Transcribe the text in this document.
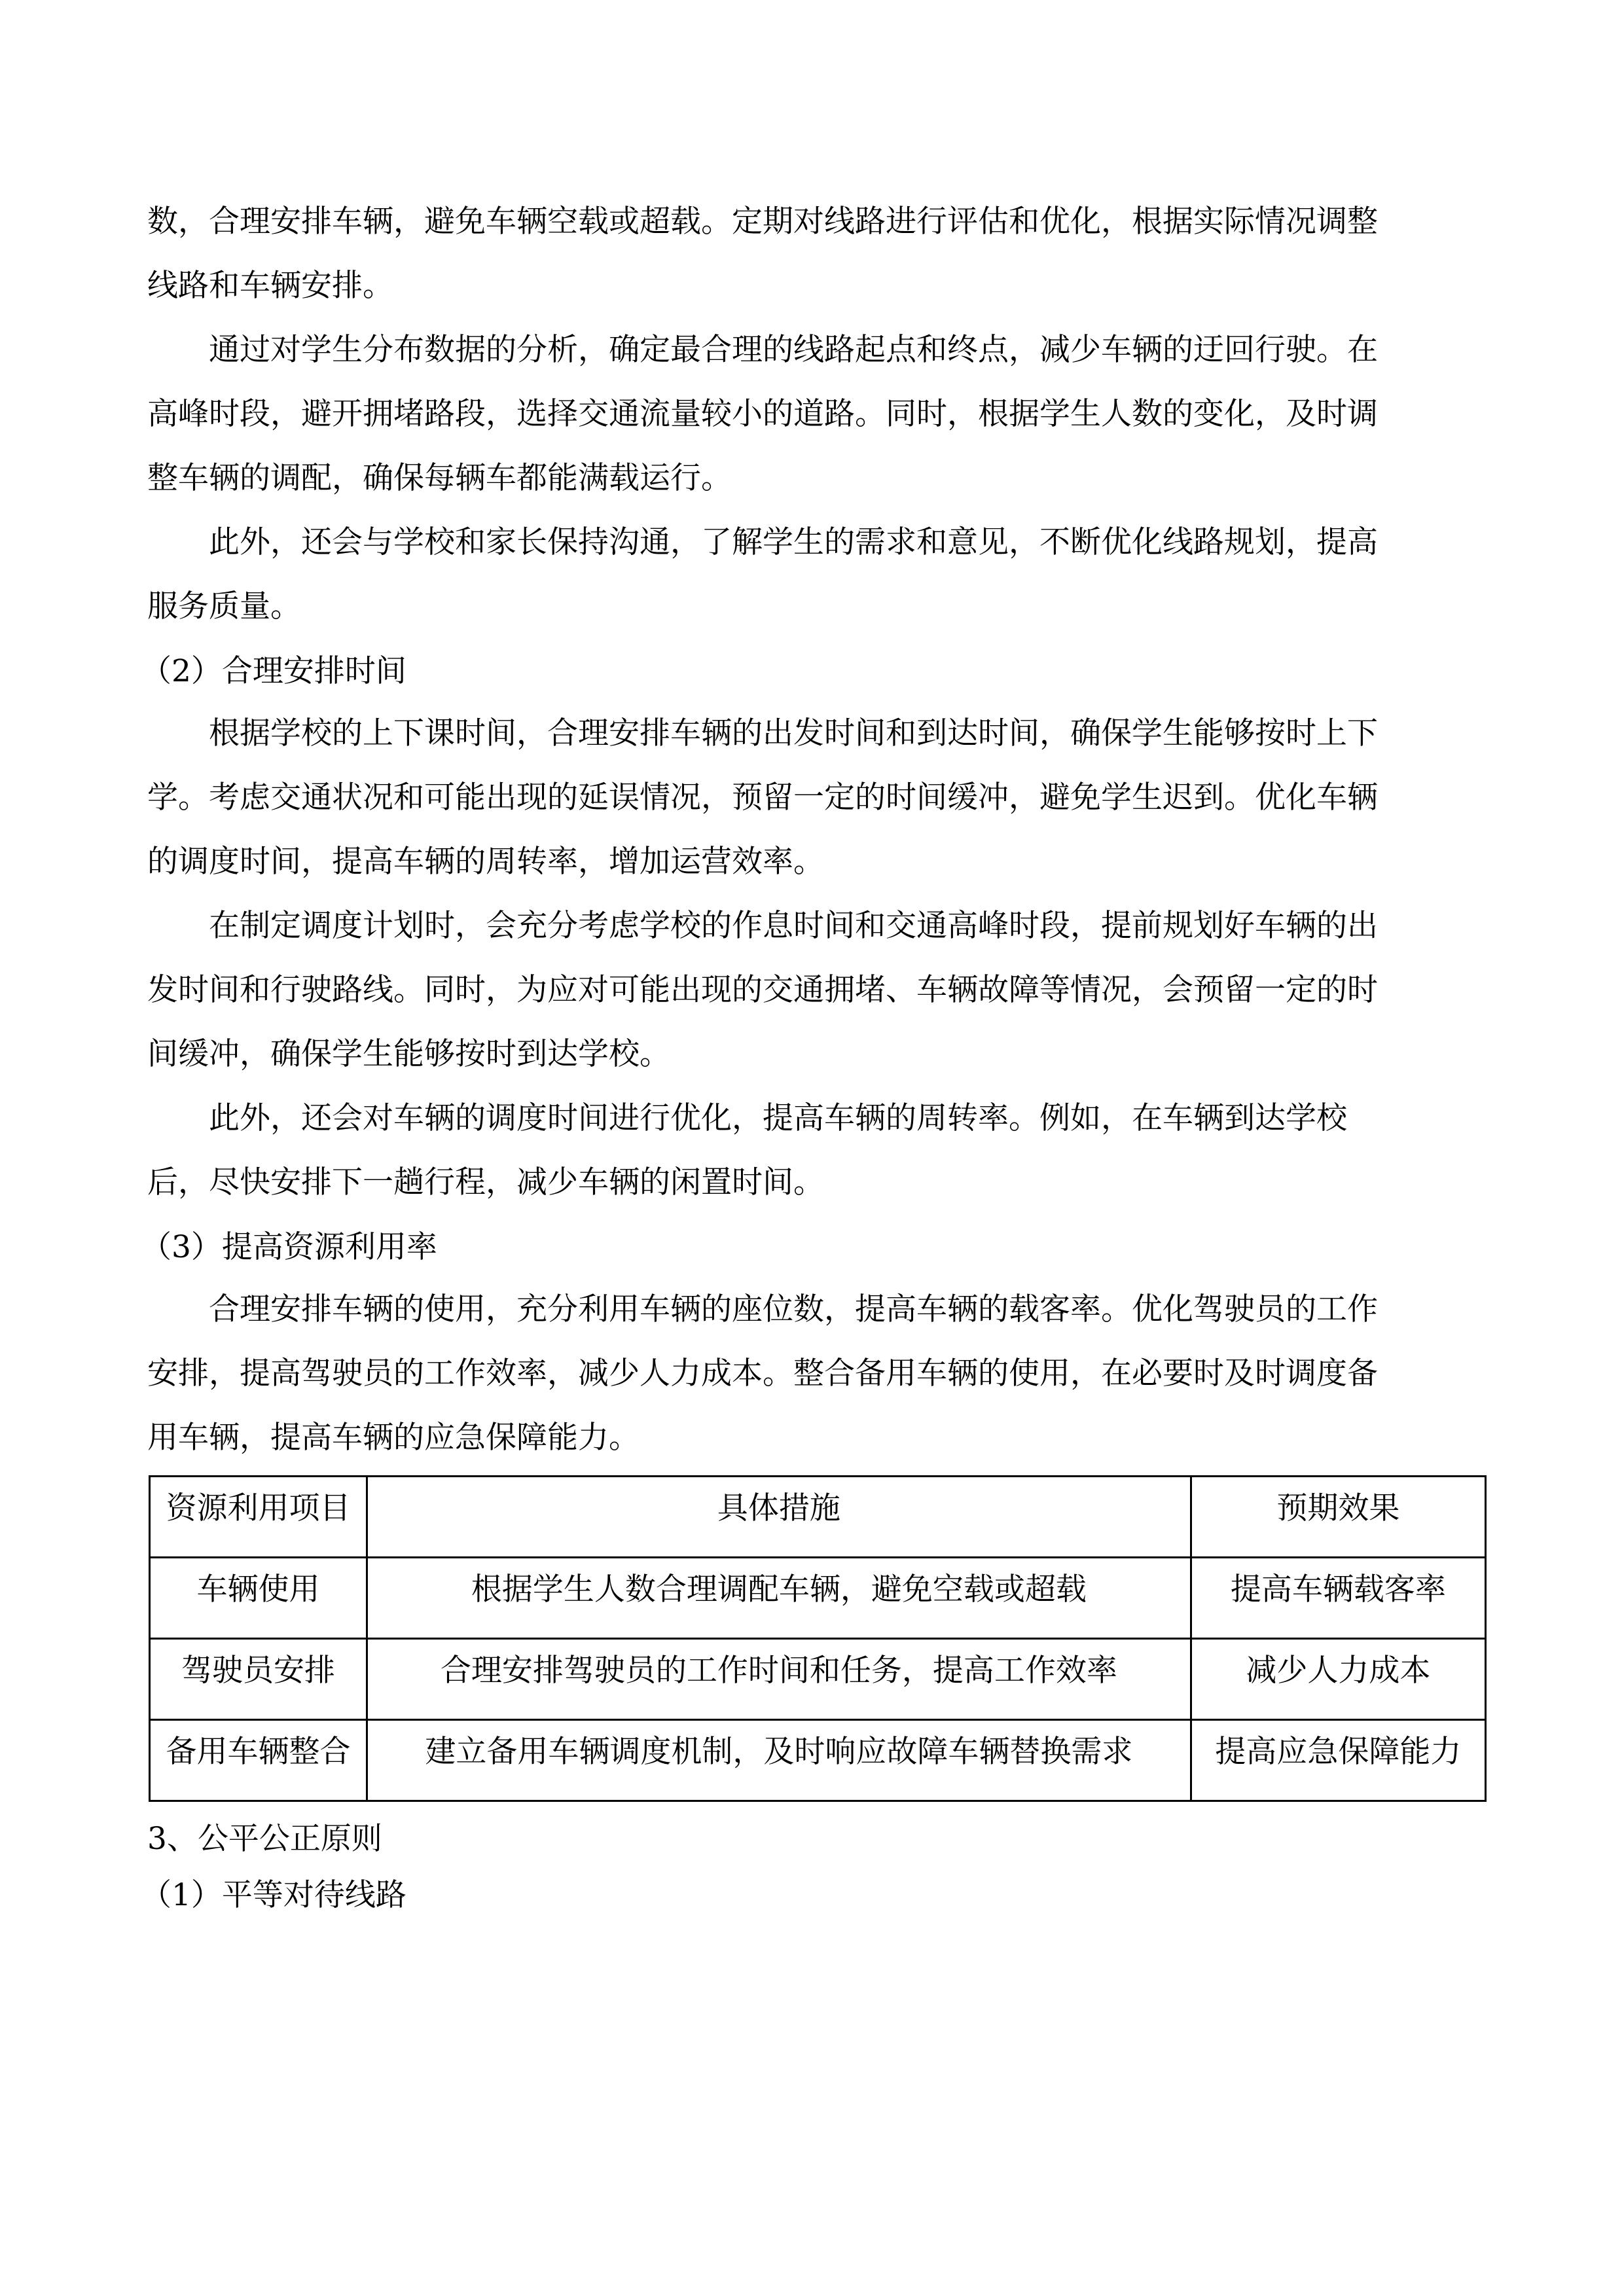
数，合理安排车辆，避免车辆空载或超载。定期对线路进行评估和优化，根据实际情况调整
线路和车辆安排。

通过对学生分布数据的分析，确定最合理的线路起点和终点，减少车辆的迂回行驶。在
高峰时段，避开拥堵路段，选择交通流量较小的道路。同时，根据学生人数的变化，及时调
整车辆的调配，确保每辆车都能满载运行。

此外，还会与学校和家长保持沟通，了解学生的需求和意见，不断优化线路规划，提高
服务质量。

（2）合理安排时间

根据学校的上下课时间，合理安排车辆的出发时间和到达时间，确保学生能够按时上下
学。考虑交通状况和可能出现的延误情况，预留一定的时间缓冲，避免学生迟到。优化车辆
的调度时间，提高车辆的周转率，增加运营效率。

在制定调度计划时，会充分考虑学校的作息时间和交通高峰时段，提前规划好车辆的出
发时间和行驶路线。同时，为应对可能出现的交通拥堵、车辆故障等情况，会预留一定的时
间缓冲，确保学生能够按时到达学校。

此外，还会对车辆的调度时间进行优化，提高车辆的周转率。例如，在车辆到达学校
后，尽快安排下一趟行程，减少车辆的闲置时间。

（3）提高资源利用率

合理安排车辆的使用，充分利用车辆的座位数，提高车辆的载客率。优化驾驶员的工作
安排，提高驾驶员的工作效率，减少人力成本。整合备用车辆的使用，在必要时及时调度备
用车辆，提高车辆的应急保障能力。

资源利用项目	具体措施	预期效果
车辆使用	根据学生人数合理调配车辆，避免空载或超载	提高车辆载客率
驾驶员安排	合理安排驾驶员的工作时间和任务，提高工作效率	减少人力成本
备用车辆整合	建立备用车辆调度机制，及时响应故障车辆替换需求	提高应急保障能力

3、公平公正原则

（1）平等对待线路
